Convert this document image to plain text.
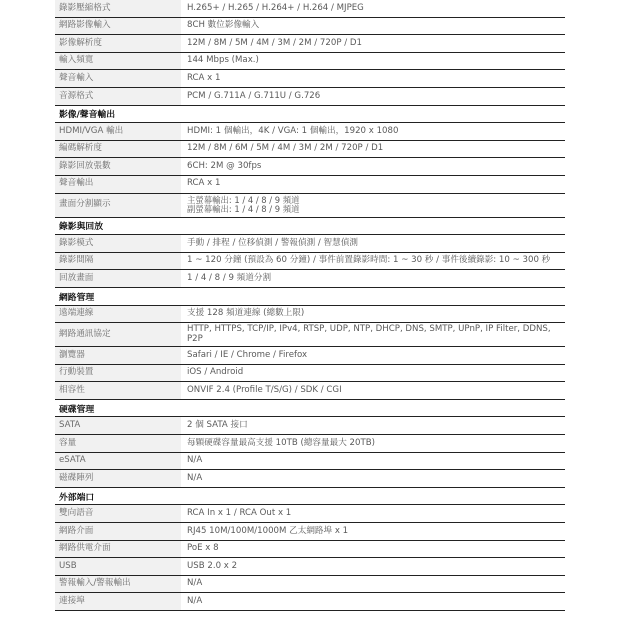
錄影壓縮格式	H.265+ / H.265 / H.264+ / H.264 / MJPEG
網路影像輸入	8CH 數位影像輸入
影像解析度	12M / 8M / 5M / 4M / 3M / 2M / 720P / D1
輸入頻寬	144 Mbps (Max.)
聲音輸入	RCA x 1
音源格式	PCM / G.711A / G.711U / G.726
影像/聲音輸出
HDMI/VGA 輸出	HDMI: 1 個輸出，4K / VGA: 1 個輸出，1920 x 1080
編碼解析度	12M / 8M / 6M / 5M / 4M / 3M / 2M / 720P / D1
錄影回放張數	6CH: 2M @ 30fps
聲音輸出	RCA x 1
畫面分割顯示	主螢幕輸出: 1 / 4 / 8 / 9 頻道
副螢幕輸出: 1 / 4 / 8 / 9 頻道
錄影與回放
錄影模式	手動 / 排程 / 位移偵測 / 警報偵測 / 智慧偵測
錄影間隔	1 ~ 120 分鐘 (預設為 60 分鐘) / 事件前置錄影時間: 1 ~ 30 秒 / 事件後續錄影: 10 ~ 300 秒
回放畫面	1 / 4 / 8 / 9 頻道分割
網路管理
遠端連線	支援 128 頻道連線 (總數上限)
網路通訊協定	HTTP, HTTPS, TCP/IP, IPv4, RTSP, UDP, NTP, DHCP, DNS, SMTP, UPnP, IP Filter, DDNS,
P2P
瀏覽器	Safari / IE / Chrome / Firefox
行動裝置	iOS / Android
相容性	ONVIF 2.4 (Profile T/S/G) / SDK / CGI
硬碟管理
SATA	2 個 SATA 接口
容量	每顆硬碟容量最高支援 10TB (總容量最大 20TB)
eSATA	N/A
磁碟陣列	N/A
外部端口
雙向語音	RCA In x 1 / RCA Out x 1
網路介面	RJ45 10M/100M/1000M 乙太網路埠 x 1
網路供電介面	PoE x 8
USB	USB 2.0 x 2
警報輸入/警報輸出	N/A
連接埠	N/A
